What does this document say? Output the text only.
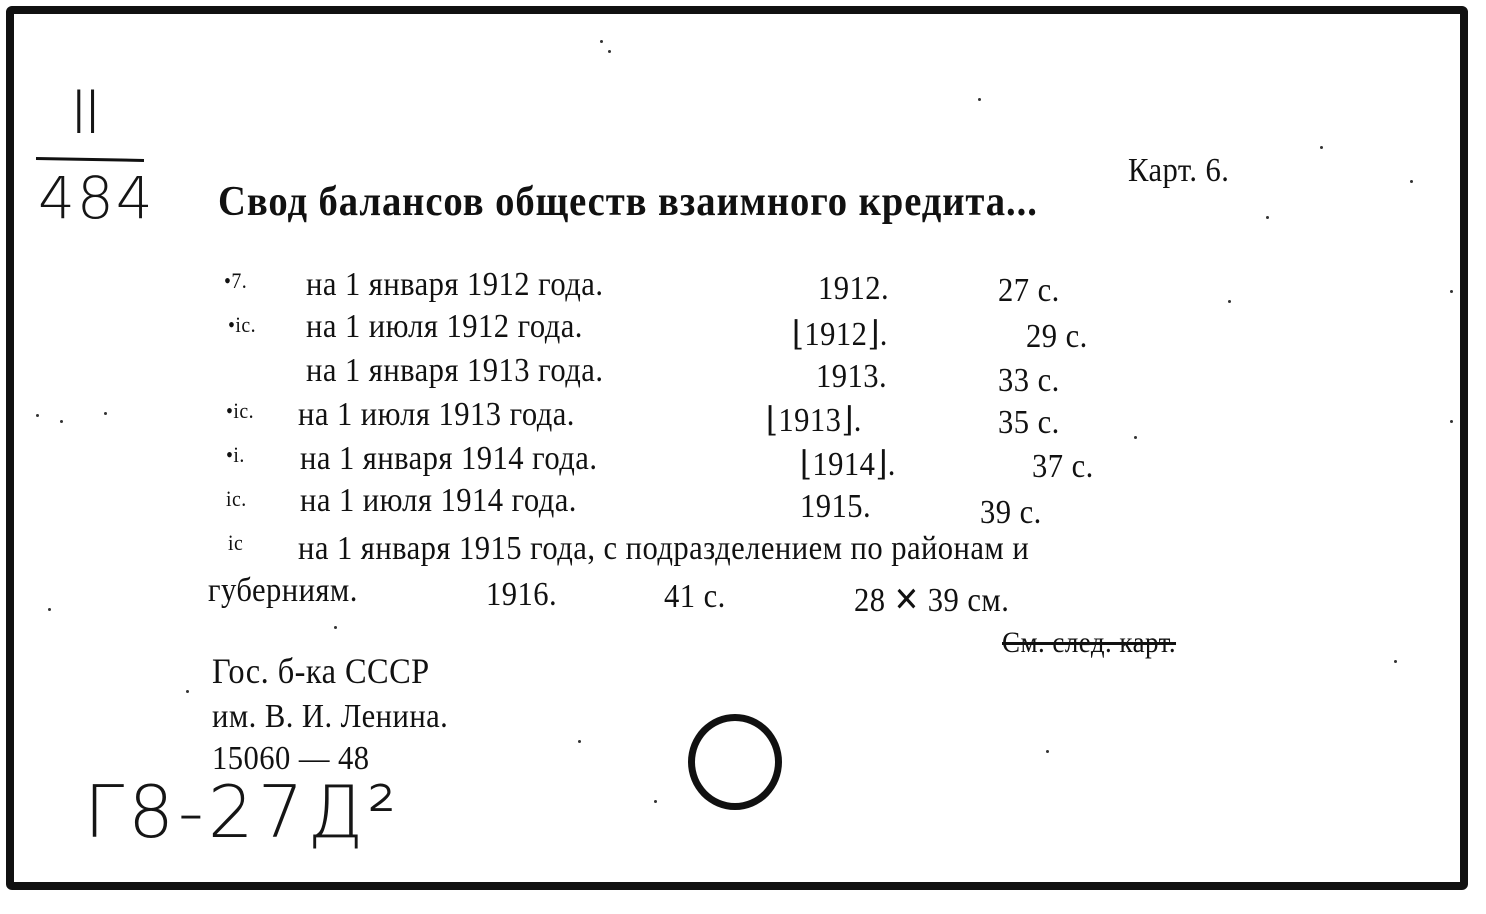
II
484	Карт. 6.
Свод балансов обществ взаимного кредита...
•7. на 1 января 1912 года.	1912.	27 с.
•ic. на 1 июля 1912 года.	⌊1912⌋.	29 с.
на 1 января 1913 года.	1913.	33 с.
•ic. на 1 июля 1913 года.	⌊1913⌋.	35 с.
•i. на 1 января 1914 года.	⌊1914⌋.	37 с.
ic. на 1 июля 1914 года.	1915.	39 с.
ic на 1 января 1915 года, с подразделением по районам и
губерниям.	1916.	41 с.	28 ✕ 39 см.
См. след. карт.
Гос. б-ка СССР
им. В. И. Ленина.
15060 — 48
Г8-27Д²
